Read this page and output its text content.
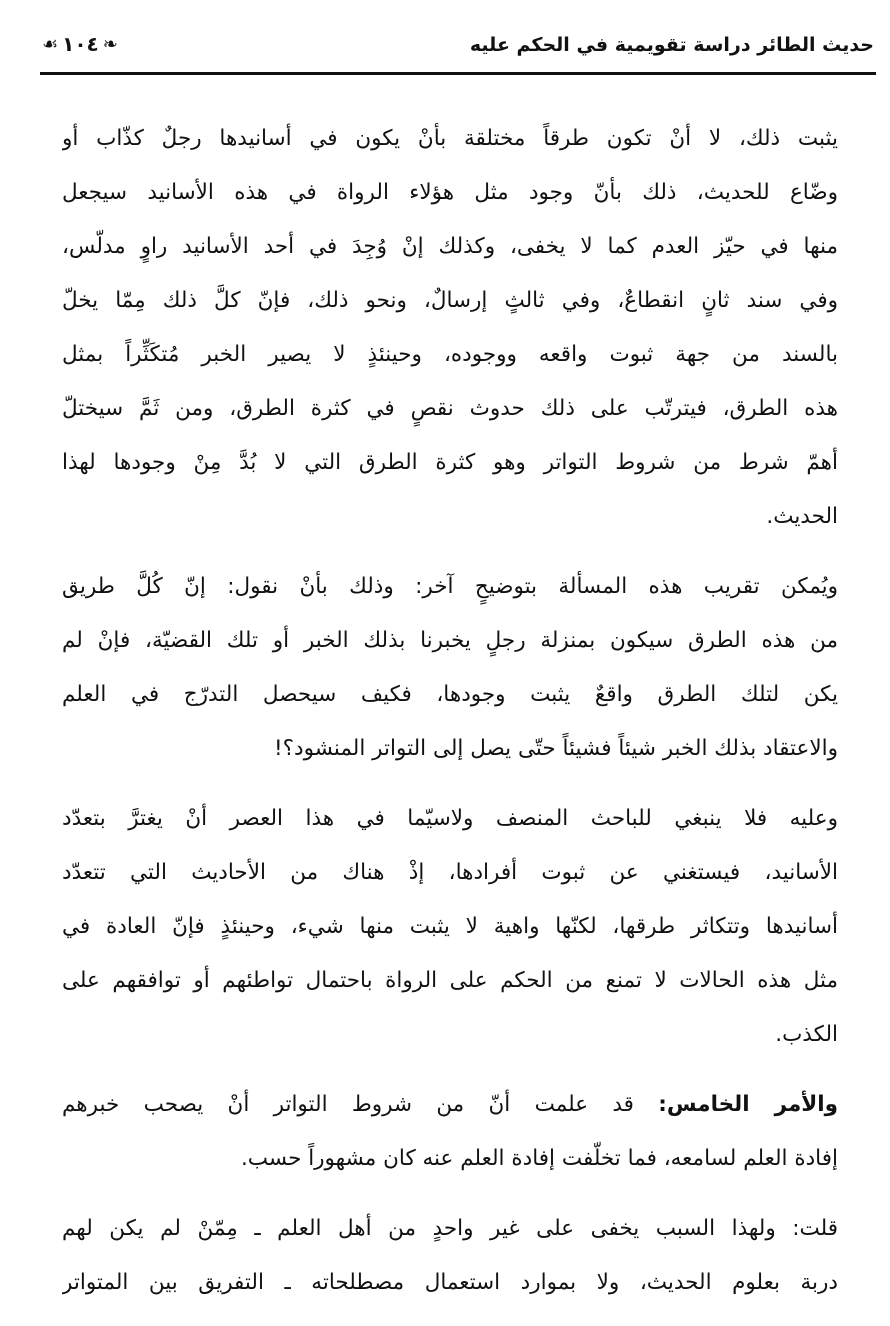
❧
١٠٤
☙	حديث الطائر دراسة تقويمية في الحكم عليه
يثبت ذلك، لا أنْ تكون طرقاً مختلقة بأنْ يكون في أسانيدها رجلٌ كذّاب أو
وضّاع للحديث، ذلك بأنّ وجود مثل هؤلاء الرواة في هذه الأسانيد سيجعل
منها في حيّز العدم كما لا يخفى، وكذلك إنْ وُجِدَ في أحد الأسانيد راوٍ مدلّس،
وفي سند ثانٍ انقطاعٌ، وفي ثالثٍ إرسالٌ، ونحو ذلك، فإنّ كلَّ ذلك مِمّا يخلّ
بالسند من جهة ثبوت واقعه ووجوده، وحينئذٍ لا يصير الخبر مُتكَثِّراً بمثل
هذه الطرق، فيترتّب على ذلك حدوث نقصٍ في كثرة الطرق، ومن ثَمَّ سيختلّ
أهمّ شرط من شروط التواتر وهو كثرة الطرق التي لا بُدَّ مِنْ وجودها لهذا
الحديث.
ويُمكن تقريب هذه المسألة بتوضيحٍ آخر: وذلك بأنْ نقول: إنّ كُلَّ طريق
من هذه الطرق سيكون بمنزلة رجلٍ يخبرنا بذلك الخبر أو تلك القضيّة، فإنْ لم
يكن لتلك الطرق واقعٌ يثبت وجودها، فكيف سيحصل التدرّج في العلم
والاعتقاد بذلك الخبر شيئاً فشيئاً حتّى يصل إلى التواتر المنشود؟!
وعليه فلا ينبغي للباحث المنصف ولاسيّما في هذا العصر أنْ يغترَّ بتعدّد
الأسانيد، فيستغني عن ثبوت أفرادها، إذْ هناك من الأحاديث التي تتعدّد
أسانيدها وتتكاثر طرقها، لكنّها واهية لا يثبت منها شيء، وحينئذٍ فإنّ العادة في
مثل هذه الحالات لا تمنع من الحكم على الرواة باحتمال تواطئهم أو توافقهم على
الكذب.
والأمر الخامس: قد علمت أنّ من شروط التواتر أنْ يصحب خبرهم
إفادة العلم لسامعه، فما تخلّفت إفادة العلم عنه كان مشهوراً حسب.
قلت: ولهذا السبب يخفى على غير واحدٍ من أهل العلم ـ مِمّنْ لم يكن لهم
دربة بعلوم الحديث، ولا بموارد استعمال مصطلحاته ـ التفريق بين المتواتر
